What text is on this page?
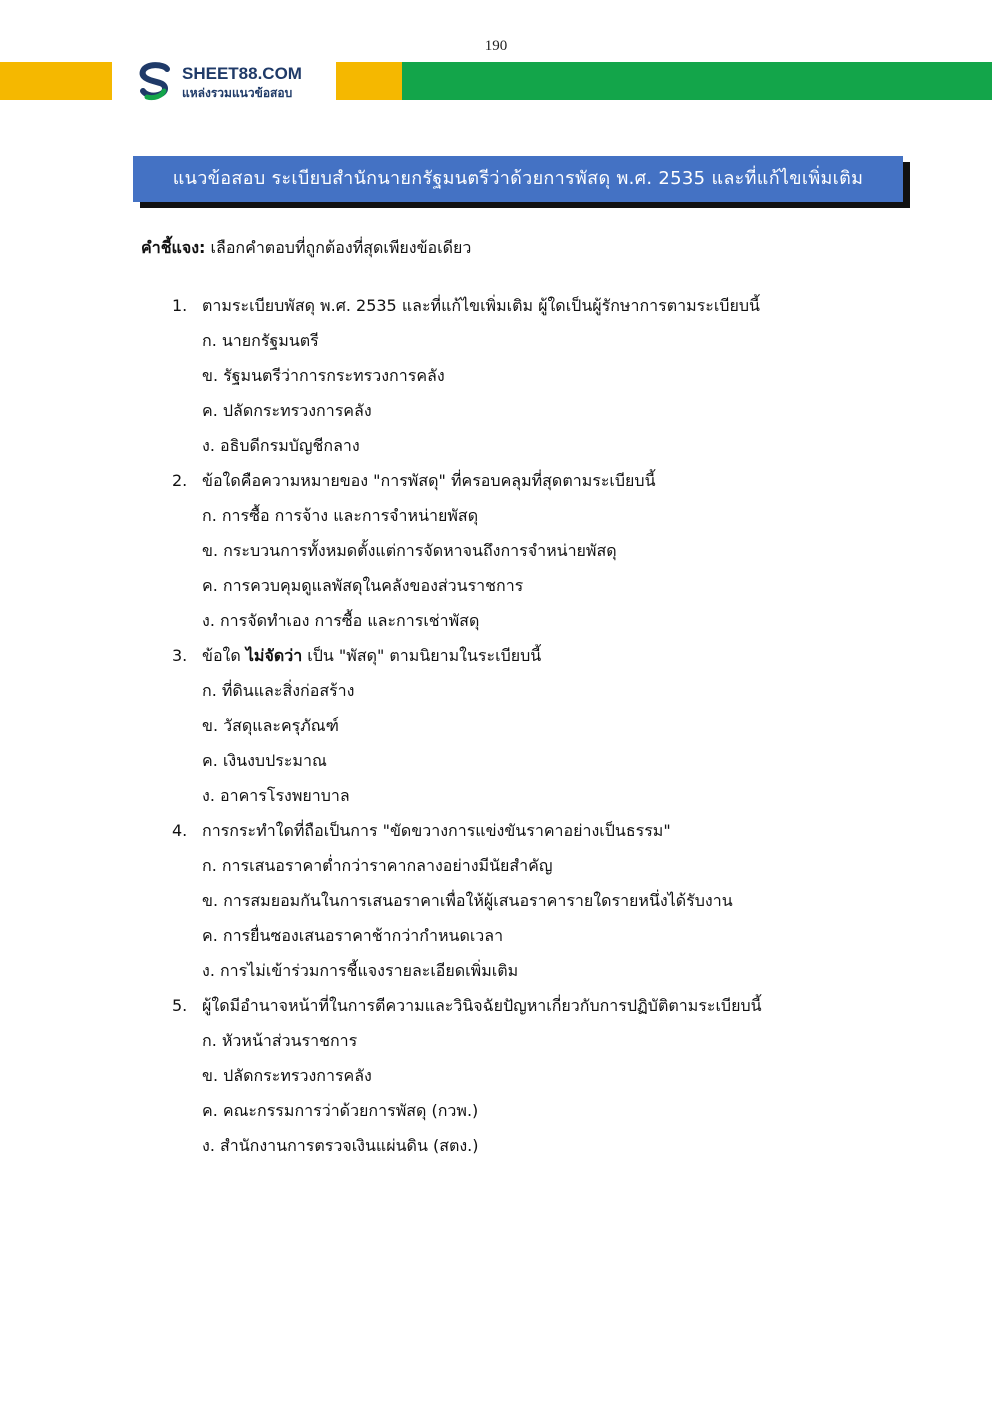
190
SHEET88.COM
แหล่งรวมแนวข้อสอบ
แนวข้อสอบ ระเบียบสำนักนายกรัฐมนตรีว่าด้วยการพัสดุ พ.ศ. 2535 และที่แก้ไขเพิ่มเติม
คำชี้แจง: เลือกคำตอบที่ถูกต้องที่สุดเพียงข้อเดียว
1. ตามระเบียบพัสดุ พ.ศ. 2535 และที่แก้ไขเพิ่มเติม ผู้ใดเป็นผู้รักษาการตามระเบียบนี้
ก. นายกรัฐมนตรี
ข. รัฐมนตรีว่าการกระทรวงการคลัง
ค. ปลัดกระทรวงการคลัง
ง. อธิบดีกรมบัญชีกลาง
2. ข้อใดคือความหมายของ "การพัสดุ" ที่ครอบคลุมที่สุดตามระเบียบนี้
ก. การซื้อ การจ้าง และการจำหน่ายพัสดุ
ข. กระบวนการทั้งหมดตั้งแต่การจัดหาจนถึงการจำหน่ายพัสดุ
ค. การควบคุมดูแลพัสดุในคลังของส่วนราชการ
ง. การจัดทำเอง การซื้อ และการเช่าพัสดุ
3. ข้อใด ไม่จัดว่า เป็น "พัสดุ" ตามนิยามในระเบียบนี้
ก. ที่ดินและสิ่งก่อสร้าง
ข. วัสดุและครุภัณฑ์
ค. เงินงบประมาณ
ง. อาคารโรงพยาบาล
4. การกระทำใดที่ถือเป็นการ "ขัดขวางการแข่งขันราคาอย่างเป็นธรรม"
ก. การเสนอราคาต่ำกว่าราคากลางอย่างมีนัยสำคัญ
ข. การสมยอมกันในการเสนอราคาเพื่อให้ผู้เสนอราคารายใดรายหนึ่งได้รับงาน
ค. การยื่นซองเสนอราคาช้ากว่ากำหนดเวลา
ง. การไม่เข้าร่วมการชี้แจงรายละเอียดเพิ่มเติม
5. ผู้ใดมีอำนาจหน้าที่ในการตีความและวินิจฉัยปัญหาเกี่ยวกับการปฏิบัติตามระเบียบนี้
ก. หัวหน้าส่วนราชการ
ข. ปลัดกระทรวงการคลัง
ค. คณะกรรมการว่าด้วยการพัสดุ (กวพ.)
ง. สำนักงานการตรวจเงินแผ่นดิน (สตง.)
